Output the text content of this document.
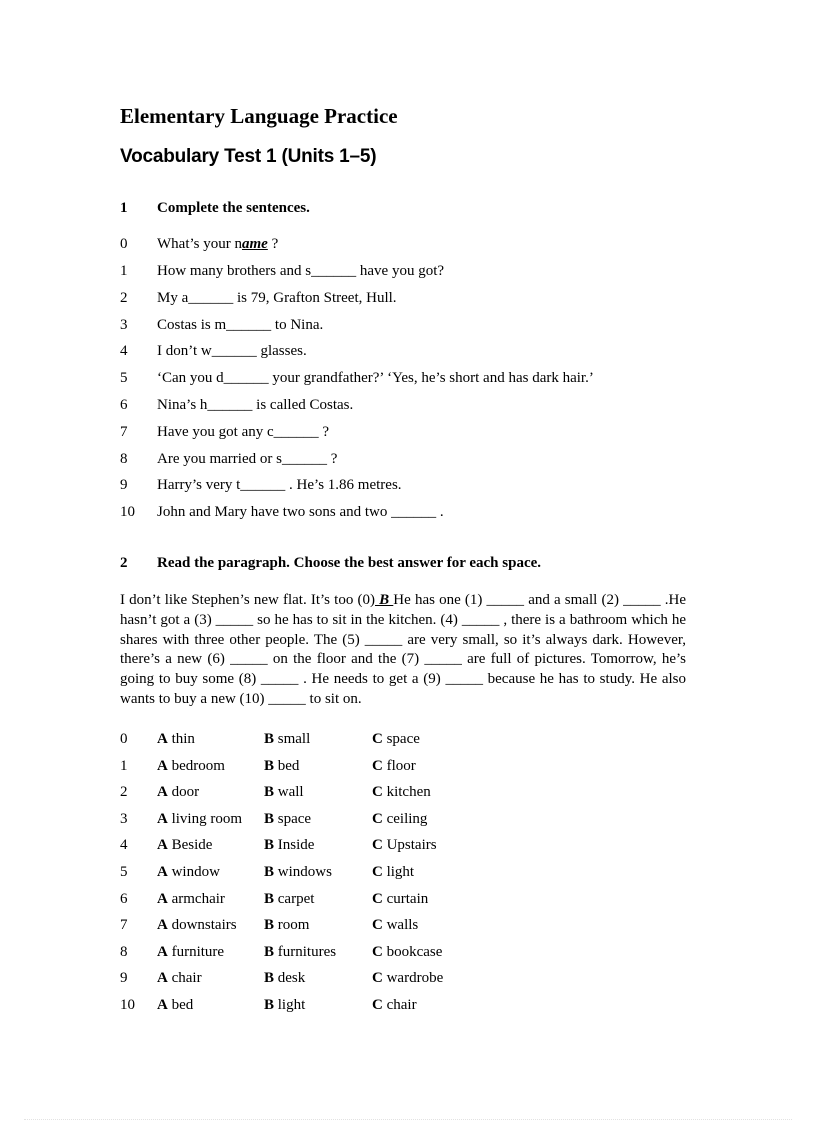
Elementary Language Practice
Vocabulary Test 1 (Units 1–5)
1 Complete the sentences.
0	What’s your name ?
1	How many brothers and s______ have you got?
2	My a______ is 79, Grafton Street, Hull.
3	Costas is m______ to Nina.
4	I don’t w______ glasses.
5	‘Can you d______ your grandfather?’ ‘Yes, he’s short and has dark hair.’
6	Nina’s h______ is called Costas.
7	Have you got any c______ ?
8	Are you married or s______ ?
9	Harry’s very t______ . He’s 1.86 metres.
10	John and Mary have two sons and two ______ .
2 Read the paragraph. Choose the best answer for each space.
I don’t like Stephen’s new flat. It’s too (0) B He has one (1) _____ and a small (2) _____ .He hasn’t got a (3) _____ so he has to sit in the kitchen. (4) _____ , there is a bathroom which he shares with three other people. The (5) _____ are very small, so it’s always dark. However, there’s a new (6) _____ on the floor and the (7) _____ are full of pictures. Tomorrow, he’s going to buy some (8) _____ . He needs to get a (9) _____ because he has to study. He also wants to buy a new (10) _____ to sit on.
0	A thin	B small	C space
1	A bedroom	B bed	C floor
2	A door	B wall	C kitchen
3	A living room B space	C ceiling
4	A Beside	B Inside	C Upstairs
5	A window	B windows	C light
6	A armchair	B carpet	C curtain
7	A downstairs B room	C walls
8	A furniture	B furnitures C bookcase
9	A chair	B desk	C wardrobe
10	A bed	B light	C chair
